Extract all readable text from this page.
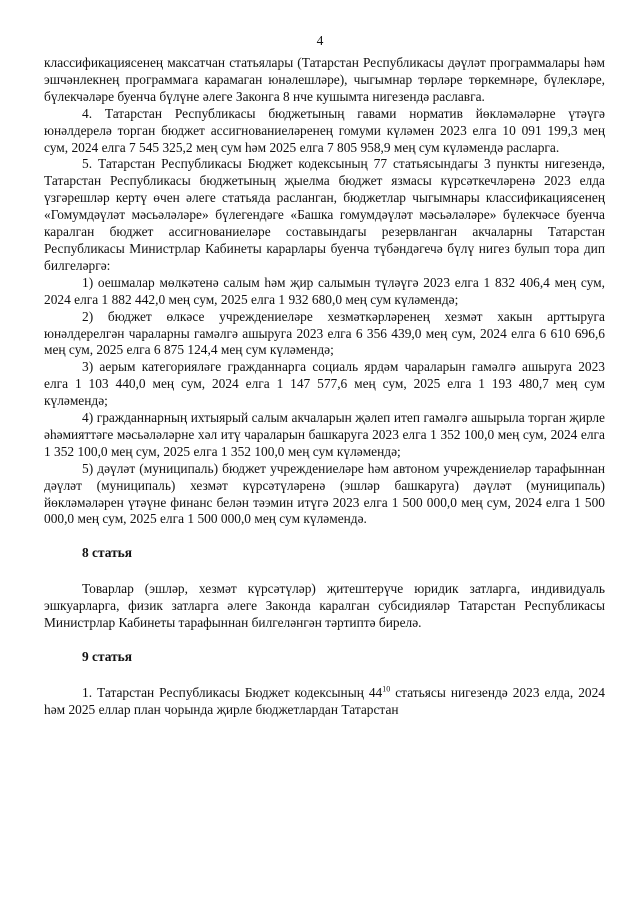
4

классификациясенең максатчан статьялары (Татарстан Республикасы дәүләт программалары һәм эшчәнлекнең программага карамаган юнәлешләре), чыгымнар төрләре төркемнәре, бүлекләре, бүлекчәләре буенча бүлүне әлеге Законга 8 нче кушымта нигезендә раславга.

4. Татарстан Республикасы бюджетының гавами норматив йөкләмәләрне үтәүгә юнәлдерелә торган бюджет ассигнованиеләренең гомуми күләмен 2023 елга 10 091 199,3 мең сум, 2024 елга 7 545 325,2 мең сум һәм 2025 елга 7 805 958,9 мең сум күләмендә расларга.

5. Татарстан Республикасы Бюджет кодексының 77 статьясындагы 3 пункты нигезендә, Татарстан Республикасы бюджетының җыелма бюджет язмасы күрсәткечләренә 2023 елда үзгәрешләр кертү өчен әлеге статьяда расланган, бюджетлар чыгымнары классификациясенең «Гомумдәүләт мәсьәләләре» бүлегендәге «Башка гомумдәүләт мәсьәләләре» бүлекчәсе буенча каралган бюджет ассигнованиеләре составындагы резервланган акчаларны Татарстан Республикасы Министрлар Кабинеты карарлары буенча түбәндәгечә бүлү нигез булып тора дип билгеләргә:

1) оешмалар мөлкәтенә салым һәм җир салымын түләүгә 2023 елга 1 832 406,4 мең сум, 2024 елга 1 882 442,0 мең сум, 2025 елга 1 932 680,0 мең сум күләмендә;

2) бюджет өлкәсе учреждениеләре хезмәткәрләренең хезмәт хакын арттыруга юнәлдерелгән чараларны гамәлгә ашыруга 2023 елга 6 356 439,0 мең сум, 2024 елга 6 610 696,6 мең сум, 2025 елга 6 875 124,4 мең сум күләмендә;

3) аерым категорияләге гражданнарга социаль ярдәм чараларын гамәлгә ашыруга 2023 елга 1 103 440,0 мең сум, 2024 елга 1 147 577,6 мең сум, 2025 елга 1 193 480,7 мең сум күләмендә;

4) гражданнарның ихтыярый салым акчаларын җәлеп итеп гамәлгә ашырыла торган җирле әһәмияттәге мәсьәләләрне хәл итү чараларын башкаруга 2023 елга 1 352 100,0 мең сум, 2024 елга 1 352 100,0 мең сум, 2025 елга 1 352 100,0 мең сум күләмендә;

5) дәүләт (муниципаль) бюджет учреждениеләре һәм автоном учреждениеләр тарафыннан дәүләт (муниципаль) хезмәт күрсәтүләренә (эшләр башкаруга) дәүләт (муниципаль) йөкләмәләрен үтәүне финанс белән тәэмин итүгә 2023 елга 1 500 000,0 мең сум, 2024 елга 1 500 000,0 мең сум, 2025 елга 1 500 000,0 мең сум күләмендә.

8 статья

Товарлар (эшләр, хезмәт күрсәтүләр) җитештерүче юридик затларга, индивидуаль эшкуарларга, физик затларга әлеге Законда каралган субсидияләр Татарстан Республикасы Министрлар Кабинеты тарафыннан билгеләнгән тәртиптә бирелә.

9 статья

1. Татарстан Республикасы Бюджет кодексының $44^{10}$ статьясы нигезендә 2023 елда, 2024 һәм 2025 еллар план чорында җирле бюджетлардан Татарстан
